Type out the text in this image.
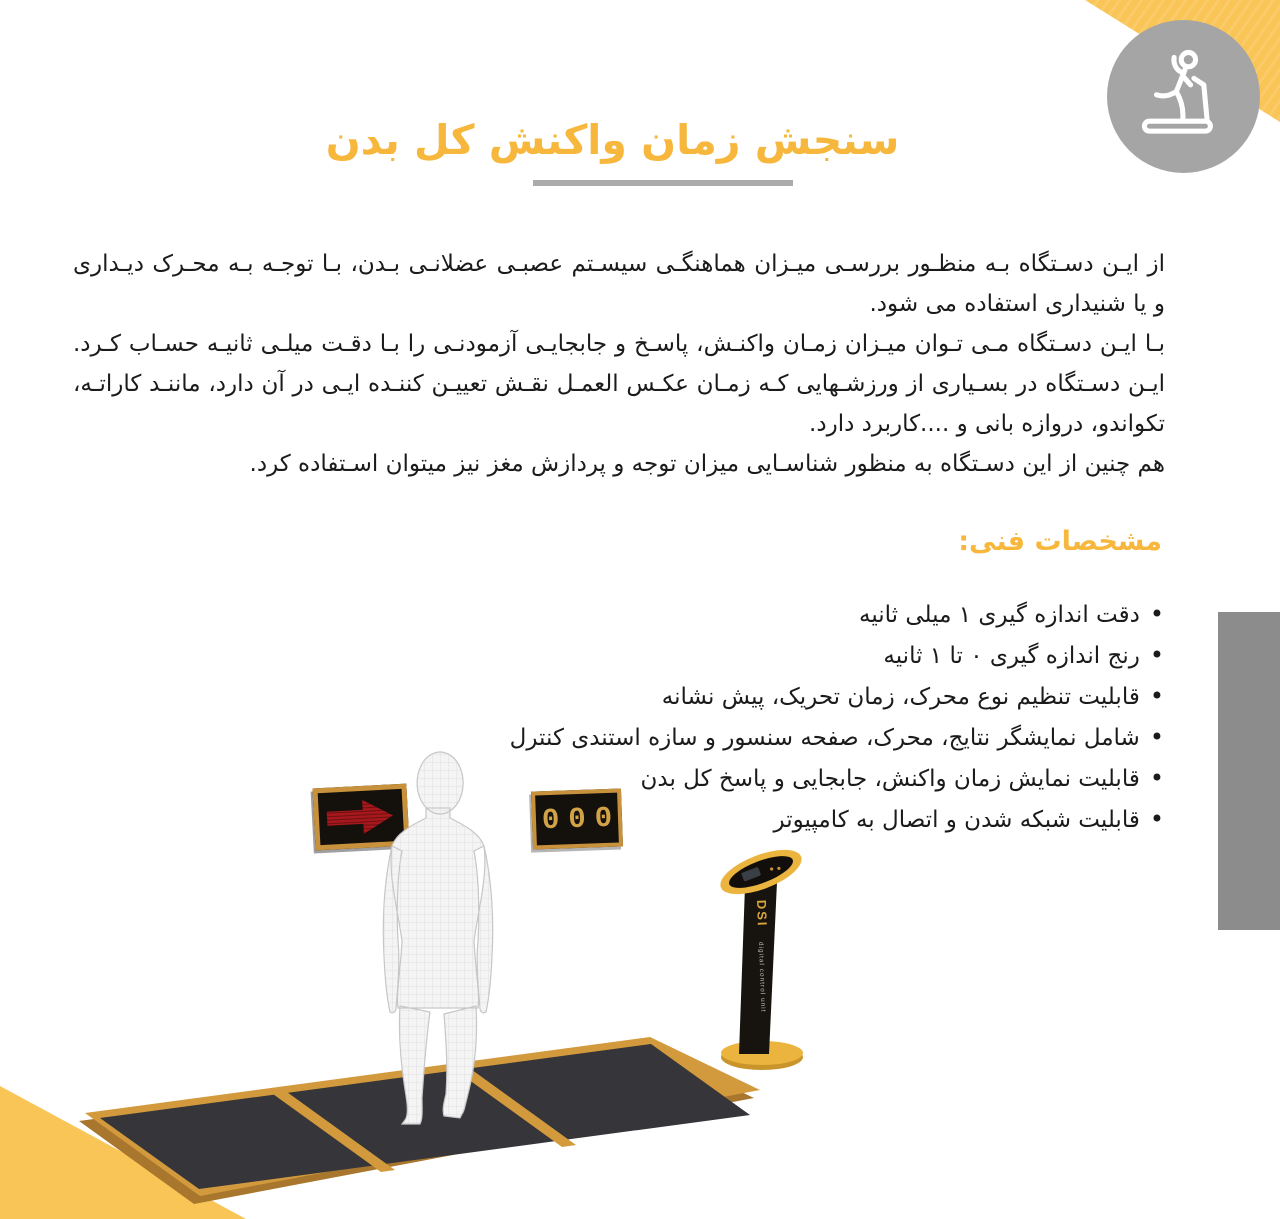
سنجش زمان واکنش کل بدن

از ایـن دسـتگاه بـه منظـور بررسـی میـزان هماهنگـی سیسـتم عصبـی عضلانـی بـدن، بـا توجـه بـه محـرک دیـداری و یا شنیداری استفاده می شود.

بـا ایـن دسـتگاه مـی تـوان میـزان زمـان واکنـش، پاسـخ و جابجایـی آزمودنـی را بـا دقـت میلـی ثانیـه حسـاب کـرد. ایـن دسـتگاه در بسـیاری از ورزشـهایی کـه زمـان عکـس العمـل نقـش تعییـن کننـده ایـی در آن دارد، ماننـد کاراتـه، تکواندو، دروازه بانی و ....کاربرد دارد.

هم چنین از این دسـتگاه به منظور شناسـایی میزان توجه و پردازش مغز نیز میتوان اسـتفاده کرد.

مشخصات فنی:
•دقت اندازه گیری ۱ میلی ثانیه
•رنج اندازه گیری ۰ تا ۱ ثانیه
•قابلیت تنظیم نوع محرک، زمان تحریک، پیش نشانه
•شامل نمایشگر نتایج، محرک، صفحه سنسور و سازه استندی کنترل
•قابلیت نمایش زمان واکنش، جابجایی و پاسخ کل بدن
•قابلیت شبکه شدن و اتصال به کامپیوتر
000
DSI
digital control unit
